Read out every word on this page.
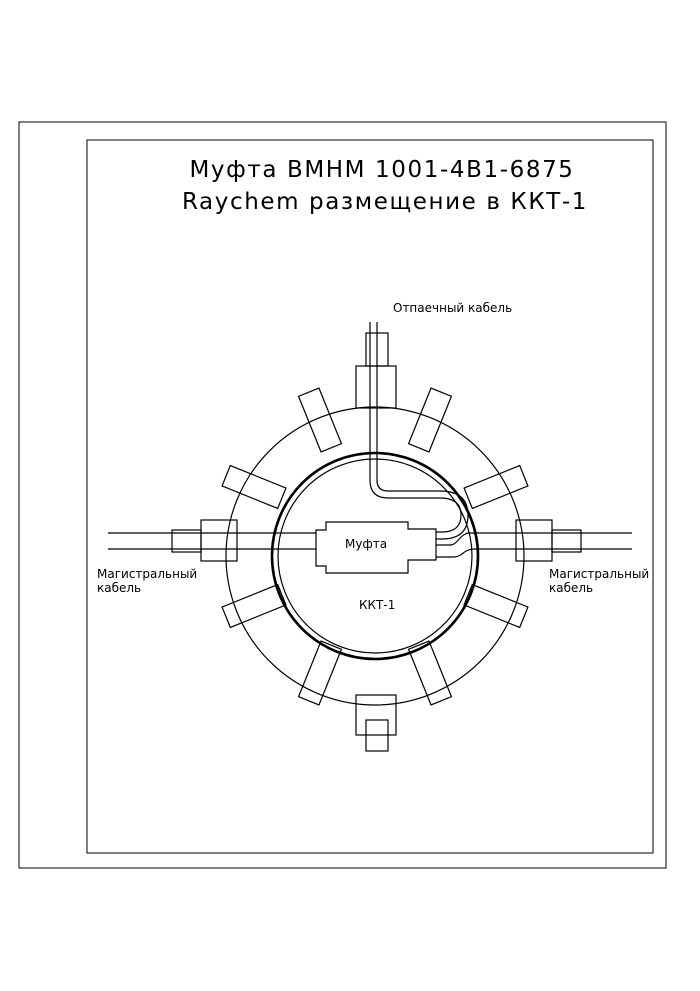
Муфта ВМНМ 1001-4В1-6875
Raychem размещение в ККТ-1
Отпаечный кабель
Магистральный
кабель
Магистральный
кабель
Муфта
ККТ-1
